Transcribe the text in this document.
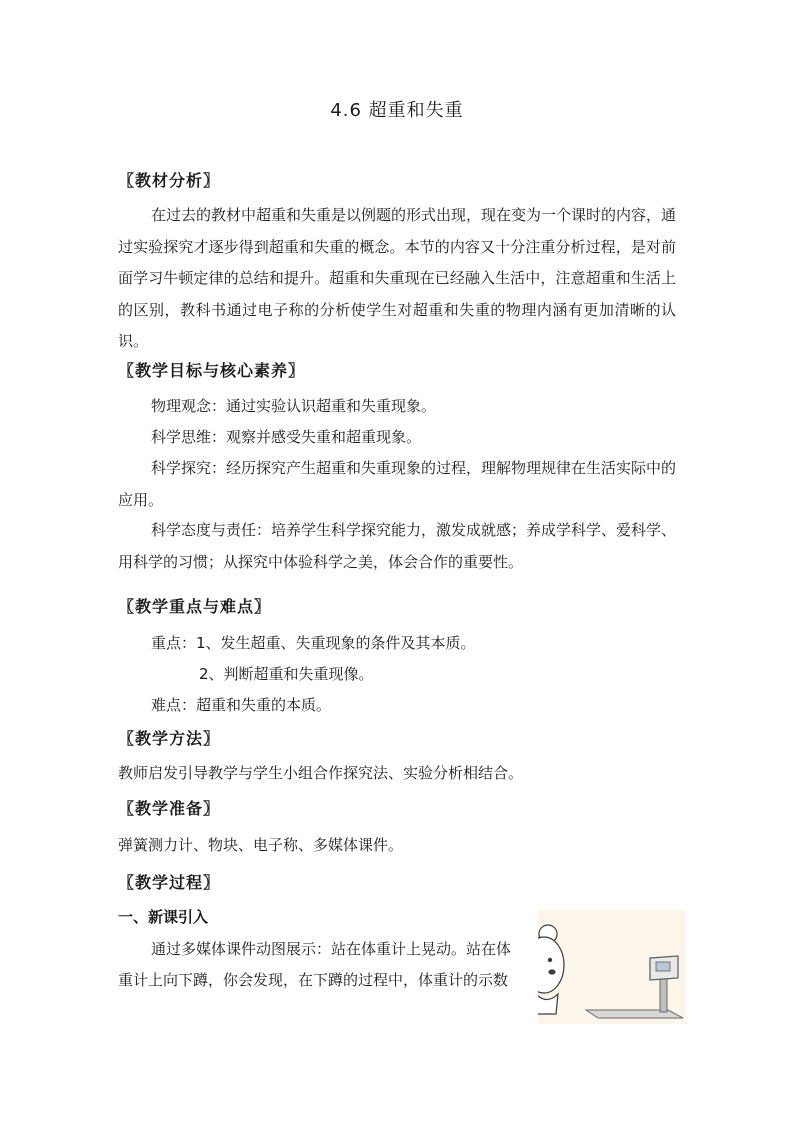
4.6 超重和失重
〖教材分析〗
在过去的教材中超重和失重是以例题的形式出现，现在变为一个课时的内容，通过实验探究才逐步得到超重和失重的概念。本节的内容又十分注重分析过程，是对前面学习牛顿定律的总结和提升。超重和失重现在已经融入生活中，注意超重和生活上的区别，教科书通过电子称的分析使学生对超重和失重的物理内涵有更加清晰的认识。
〖教学目标与核心素养〗
物理观念：通过实验认识超重和失重现象。
科学思维：观察并感受失重和超重现象。
科学探究：经历探究产生超重和失重现象的过程，理解物理规律在生活实际中的应用。
科学态度与责任：培养学生科学探究能力，激发成就感；养成学科学、爱科学、用科学的习惯；从探究中体验科学之美，体会合作的重要性。
〖教学重点与难点〗
重点：1、发生超重、失重现象的条件及其本质。
2、判断超重和失重现像。
难点：超重和失重的本质。
〖教学方法〗
教师启发引导教学与学生小组合作探究法、实验分析相结合。
〖教学准备〗
弹簧测力计、物块、电子称、多媒体课件。
〖教学过程〗
一、新课引入
通过多媒体课件动图展示：站在体重计上晃动。站在体
重计上向下蹲，你会发现，在下蹲的过程中，体重计的示数
